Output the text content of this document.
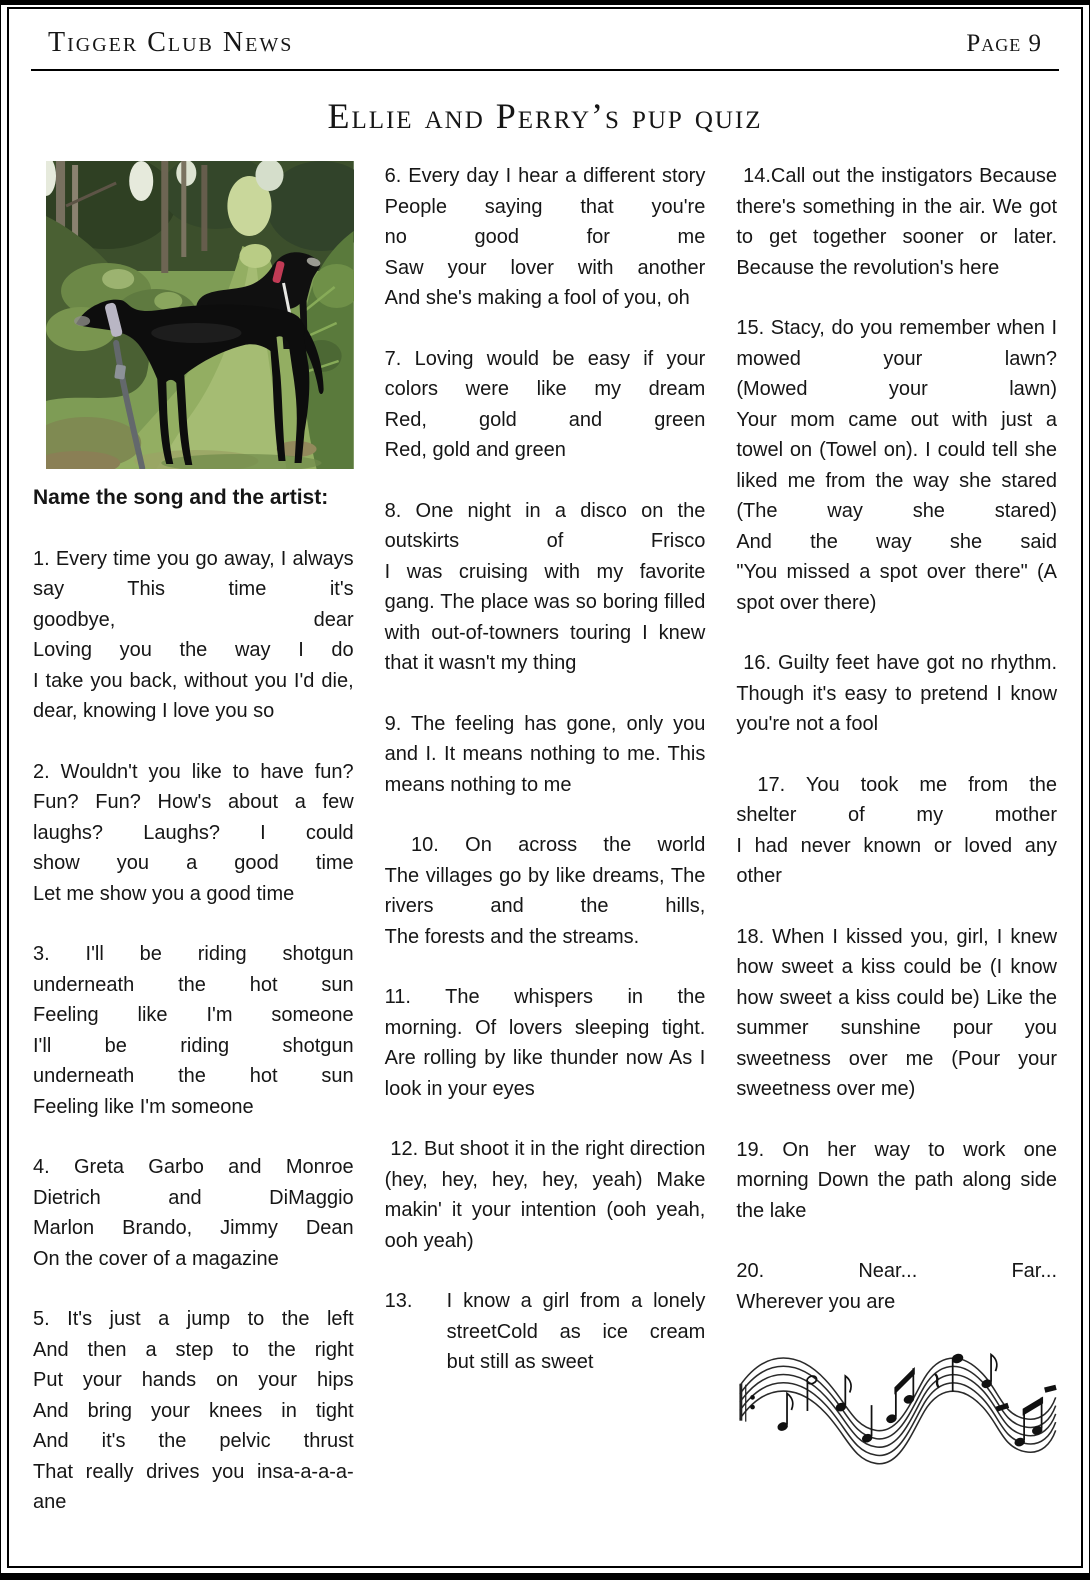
Tigger Club News	Page 9
Ellie and Perry’s pup quiz
Name the song and the artist:
1. Every time you go away, I always say This time it's
goodbye, dear
Loving you the way I do
I take you back, without you I'd die, dear, knowing I love you so
2. Wouldn't you like to have fun? Fun? Fun? How's about a few laughs? Laughs? I could
show you a good time
Let me show you a good time
3. I'll be riding shotgun
underneath the hot sun
Feeling like I'm someone
I'll be riding shotgun
underneath the hot sun
Feeling like I'm someone
4. Greta Garbo and Monroe
Dietrich and DiMaggio
Marlon Brando, Jimmy Dean
On the cover of a magazine
5. It's just a jump to the left
And then a step to the right
Put your hands on your hips
And bring your knees in tight
And it's the pelvic thrust
That really drives you insa-a-a-a-ane
6. Every day I hear a different story People saying that you're
no good for me
Saw your lover with another
And she's making a fool of you, oh
7. Loving would be easy if your colors were like my dream
Red, gold and green
Red, gold and green
8. One night in a disco on the
outskirts of Frisco
I was cruising with my favorite gang. The place was so boring filled with out-of-towners touring I knew that it wasn't my thing
9. The feeling has gone, only you and I. It means nothing to me. This means nothing to me
10. On across the world
The villages go by like dreams, The rivers and the hills,
The forests and the streams.
11. The whispers in the
morning. Of lovers sleeping tight. Are rolling by like thunder now As I look in your eyes
12. But shoot it in the right direction (hey, hey, hey, hey, yeah) Make makin' it your intention (ooh yeah, ooh yeah)
13.	I know a girl from a lonely
streetCold as ice cream
but still as sweet
14.Call out the instigators Because there's something in the air. We got to get together sooner or later. Because the revolution's here
15. Stacy, do you remember when I mowed your lawn?
(Mowed your lawn)
Your mom came out with just a towel on (Towel on). I could tell she liked me from the way she stared (The way she stared)
And the way she said
"You missed a spot over there" (A spot over there)
16. Guilty feet have got no rhythm. Though it's easy to pretend I know you're not a fool
17. You took me from the
shelter of my mother
I had never known or loved any other
18. When I kissed you, girl, I knew how sweet a kiss could be (I know how sweet a kiss could be) Like the summer sunshine pour you sweetness over me (Pour your sweetness over me)
19. On her way to work one morning Down the path along side the lake
20. Near... Far...
Wherever you are
